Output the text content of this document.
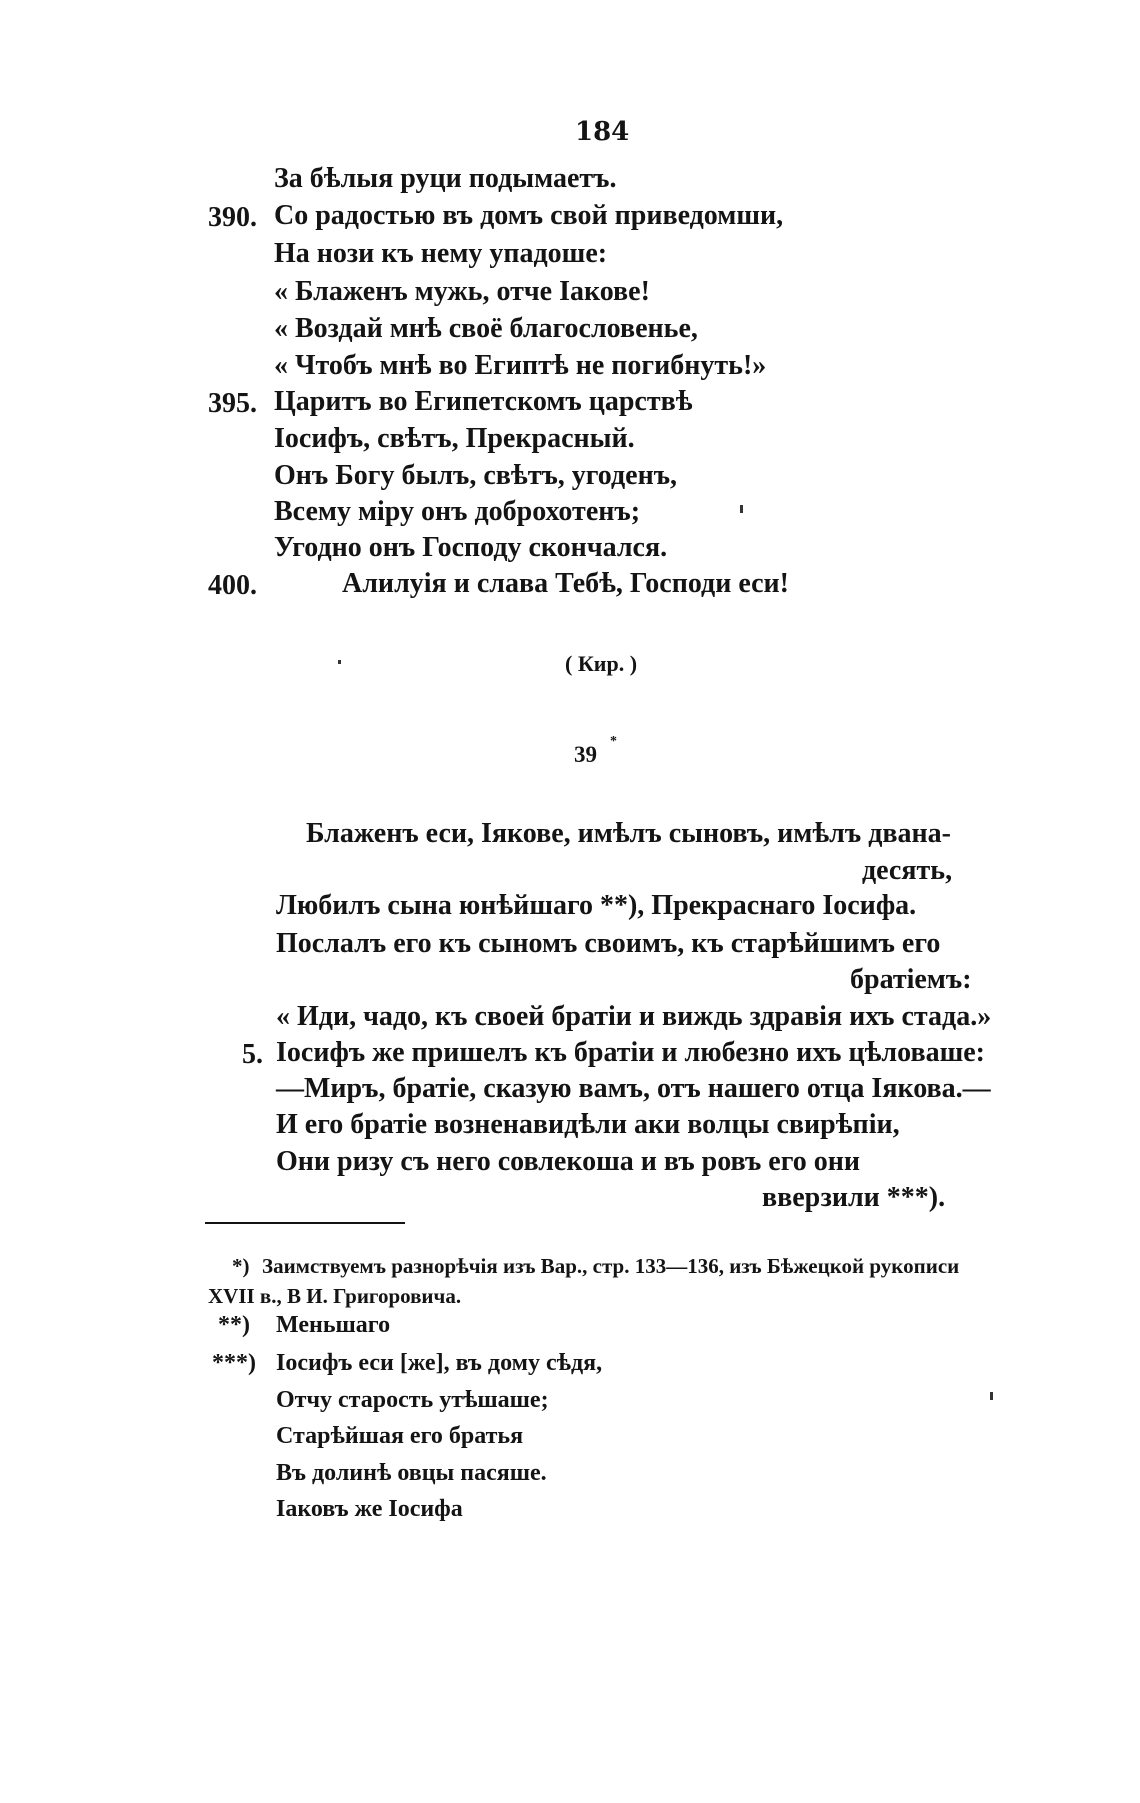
184
За бѣлыя руци подымаетъ.
390. Со радостью въ домъ свой приведомши,
На нози къ нему упадоше:
« Блаженъ мужь, отче Іакове!
« Воздай мнѣ своё благословенье,
« Чтобъ мнѣ во Египтѣ не погибнуть!»
395. Царитъ во Египетскомъ царствѣ
Іосифъ, свѣтъ, Прекрасный.
Онъ Богу былъ, свѣтъ, угоденъ,
Всему міру онъ доброхотенъ;
Угодно онъ Господу скончался.
400.	Алилуія и слава Тебѣ, Господи еси!
( Кир. )
39
*
Блаженъ еси, Іякове, имѣлъ сыновъ, имѣлъ двана-
десять,
Любилъ сына юнѣйшаго **), Прекраснаго Іосифа.
Послалъ его къ сыномъ своимъ, къ старѣйшимъ его
братіемъ:
« Иди, чадо, къ своей братіи и виждь здравія ихъ стада.»
5. Іосифъ же пришелъ къ братіи и любезно ихъ цѣловаше:
—Миръ, братіе, сказую вамъ, отъ нашего отца Іякова.—
И его братіе возненавидѣли аки волцы свирѣпіи,
Они ризу съ него совлекоша и въ ровъ его они
вверзили ***).
*) Заимствуемъ разнорѣчія изъ Вар., стр. 133—136, изъ Бѣжецкой рукописи
XVII в., В И. Григоровича.
**) Меньшаго
***) Іосифъ еси [же], въ дому сѣдя,
Отчу старость утѣшаше;
Старѣйшая его братья
Въ долинѣ овцы пасяше.
Іаковъ же Іосифа
